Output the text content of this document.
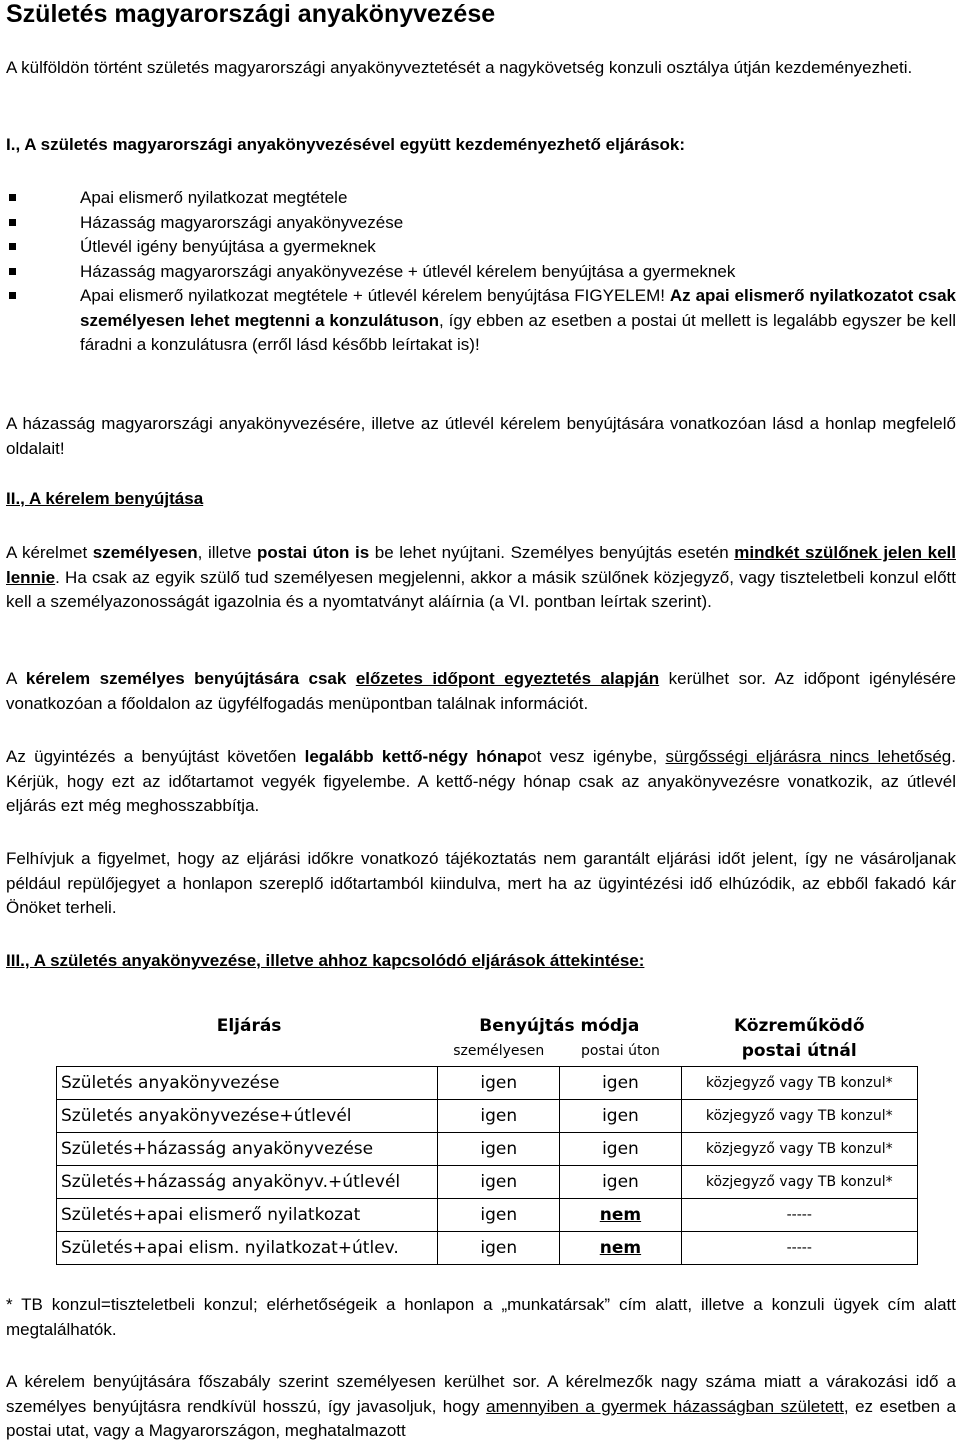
Születés magyarországi anyakönyvezése

A külföldön történt születés magyarországi anyakönyveztetését a nagykövetség konzuli osztálya útján kezdeményezheti.

I., A születés magyarországi anyakönyvezésével együtt kezdeményezhető eljárások:

Apai elismerő nyilatkozat megtétele
Házasság magyarországi anyakönyvezése
Útlevél igény benyújtása a gyermeknek
Házasság magyarországi anyakönyvezése + útlevél kérelem benyújtása a gyermeknek
Apai elismerő nyilatkozat megtétele + útlevél kérelem benyújtása FIGYELEM! Az apai elismerő nyilatkozatot csak személyesen lehet megtenni a konzulátuson, így ebben az esetben a postai út mellett is legalább egyszer be kell fáradni a konzulátusra (erről lásd később leírtakat is)!

A házasság magyarországi anyakönyvezésére, illetve az útlevél kérelem benyújtására vonatkozóan lásd a honlap megfelelő oldalait!

II., A kérelem benyújtása

A kérelmet személyesen, illetve postai úton is be lehet nyújtani. Személyes benyújtás esetén mindkét szülőnek jelen kell lennie. Ha csak az egyik szülő tud személyesen megjelenni, akkor a másik szülőnek közjegyző, vagy tiszteletbeli konzul előtt kell a személyazonosságát igazolnia és a nyomtatványt aláírnia (a VI. pontban leírtak szerint).

A kérelem személyes benyújtására csak előzetes időpont egyeztetés alapján kerülhet sor. Az időpont igénylésére vonatkozóan a főoldalon az ügyfélfogadás menüpontban találnak információt.

Az ügyintézés a benyújtást követően legalább kettő-négy hónapot vesz igénybe, sürgősségi eljárásra nincs lehetőség. Kérjük, hogy ezt az időtartamot vegyék figyelembe. A kettő-négy hónap csak az anyakönyvezésre vonatkozik, az útlevél eljárás ezt még meghosszabbítja.

Felhívjuk a figyelmet, hogy az eljárási időkre vonatkozó tájékoztatás nem garantált eljárási időt jelent, így ne vásároljanak például repülőjegyet a honlapon szereplő időtartamból kiindulva, mert ha az ügyintézési idő elhúzódik, az ebből fakadó kár Önöket terheli.

III., A születés anyakönyvezése, illetve ahhoz kapcsolódó eljárások áttekintése:

Eljárás	Benyújtás módja		Közreműködő
	személyesen	postai úton	postai útnál
Születés anyakönyvezése	igen	igen	közjegyző vagy TB konzul*
Születés anyakönyvezése+útlevél	igen	igen	közjegyző vagy TB konzul*
Születés+házasság anyakönyvezése	igen	igen	közjegyző vagy TB konzul*
Születés+házasság anyakönyv.+útlevél	igen	igen	közjegyző vagy TB konzul*
Születés+apai elismerő nyilatkozat	igen	nem	-----
Születés+apai elism. nyilatkozat+útlev.	igen	nem	-----

* TB konzul=tiszteletbeli konzul; elérhetőségeik a honlapon a „munkatársak” cím alatt, illetve a konzuli ügyek cím alatt megtalálhatók.

A kérelem benyújtására főszabály szerint személyesen kerülhet sor. A kérelmezők nagy száma miatt a várakozási idő a személyes benyújtásra rendkívül hosszú, így javasoljuk, hogy amennyiben a gyermek házasságban született, ez esetben a postai utat, vagy a Magyarországon, meghatalmazott
